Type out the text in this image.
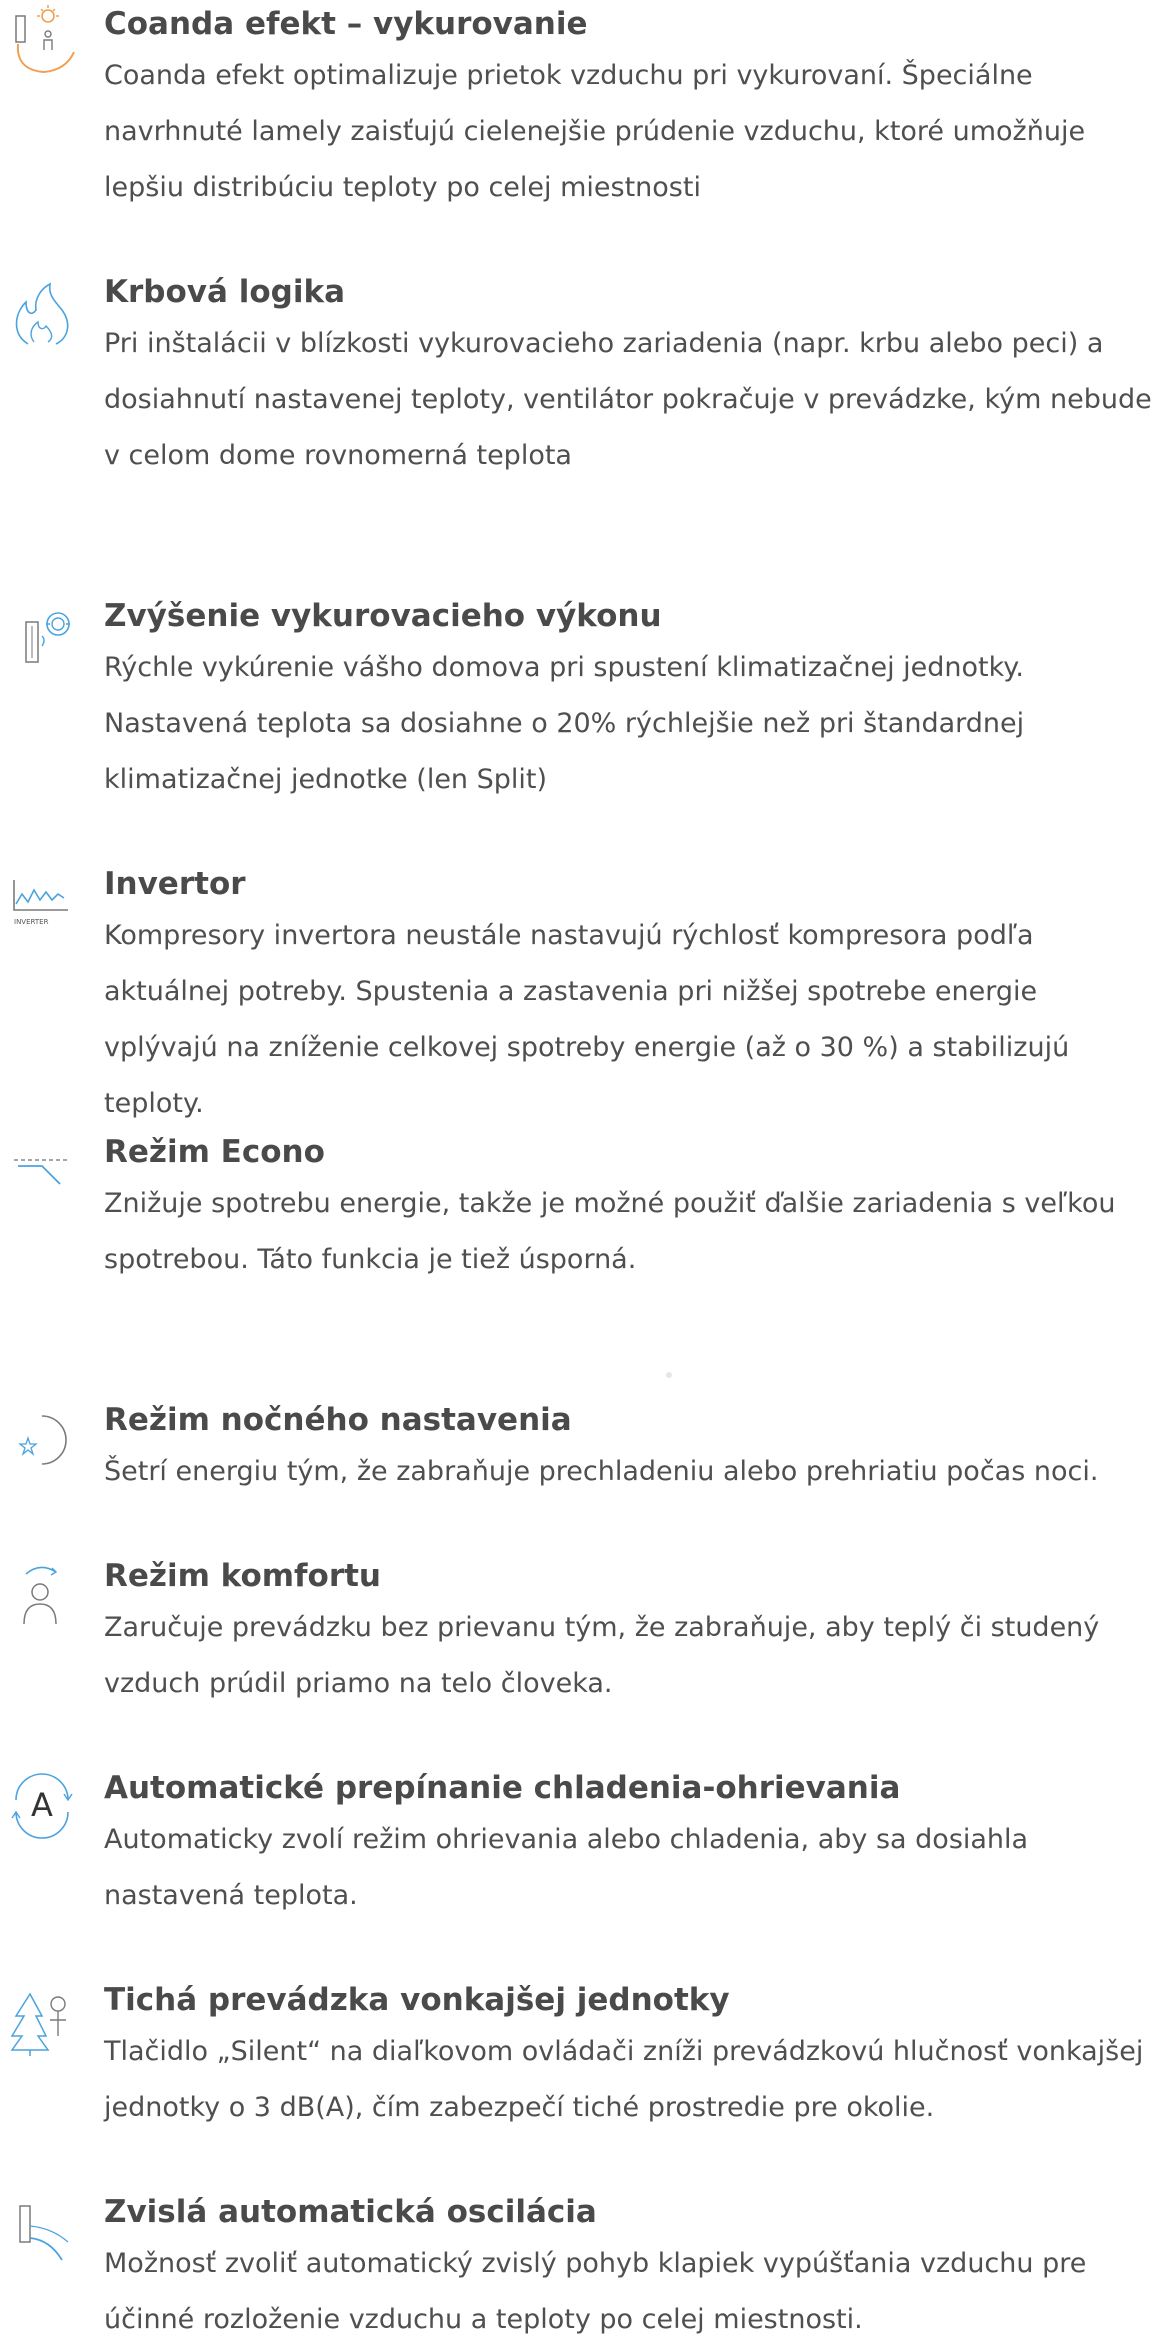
Coanda efekt – vykurovanie

Coanda efekt optimalizuje prietok vzduchu pri vykurovaní. Špeciálne navrhnuté lamely zaisťujú cielenejšie prúdenie vzduchu, ktoré umožňuje lepšiu distribúciu teploty po celej miestnosti

Krbová logika

Pri inštalácii v blízkosti vykurovacieho zariadenia (napr. krbu alebo peci) a dosiahnutí nastavenej teploty, ventilátor pokračuje v prevádzke, kým nebude v celom dome rovnomerná teplota

Zvýšenie vykurovacieho výkonu

Rýchle vykúrenie vášho domova pri spustení klimatizačnej jednotky. Nastavená teplota sa dosiahne o 20% rýchlejšie než pri štandardnej klimatizačnej jednotke (len Split)

INVERTER
Invertor

Kompresory invertora neustále nastavujú rýchlosť kompresora podľa aktuálnej potreby. Spustenia a zastavenia pri nižšej spotrebe energie vplývajú na zníženie celkovej spotreby energie (až o 30 %) a stabilizujú teploty.

Režim Econo

Znižuje spotrebu energie, takže je možné použiť ďalšie zariadenia s veľkou spotrebou. Táto funkcia je tiež úsporná.

Režim nočného nastavenia

Šetrí energiu tým, že zabraňuje prechladeniu alebo prehriatiu počas noci.

Režim komfortu

Zaručuje prevádzku bez prievanu tým, že zabraňuje, aby teplý či studený vzduch prúdil priamo na telo človeka.

A Automatické prepínanie chladenia-ohrievania

Automaticky zvolí režim ohrievania alebo chladenia, aby sa dosiahla nastavená teplota.

Tichá prevádzka vonkajšej jednotky

Tlačidlo „Silent“ na diaľkovom ovládači zníži prevádzkovú hlučnosť vonkajšej jednotky o 3 dB(A), čím zabezpečí tiché prostredie pre okolie.

Zvislá automatická oscilácia

Možnosť zvoliť automatický zvislý pohyb klapiek vypúšťania vzduchu pre účinné rozloženie vzduchu a teploty po celej miestnosti.
